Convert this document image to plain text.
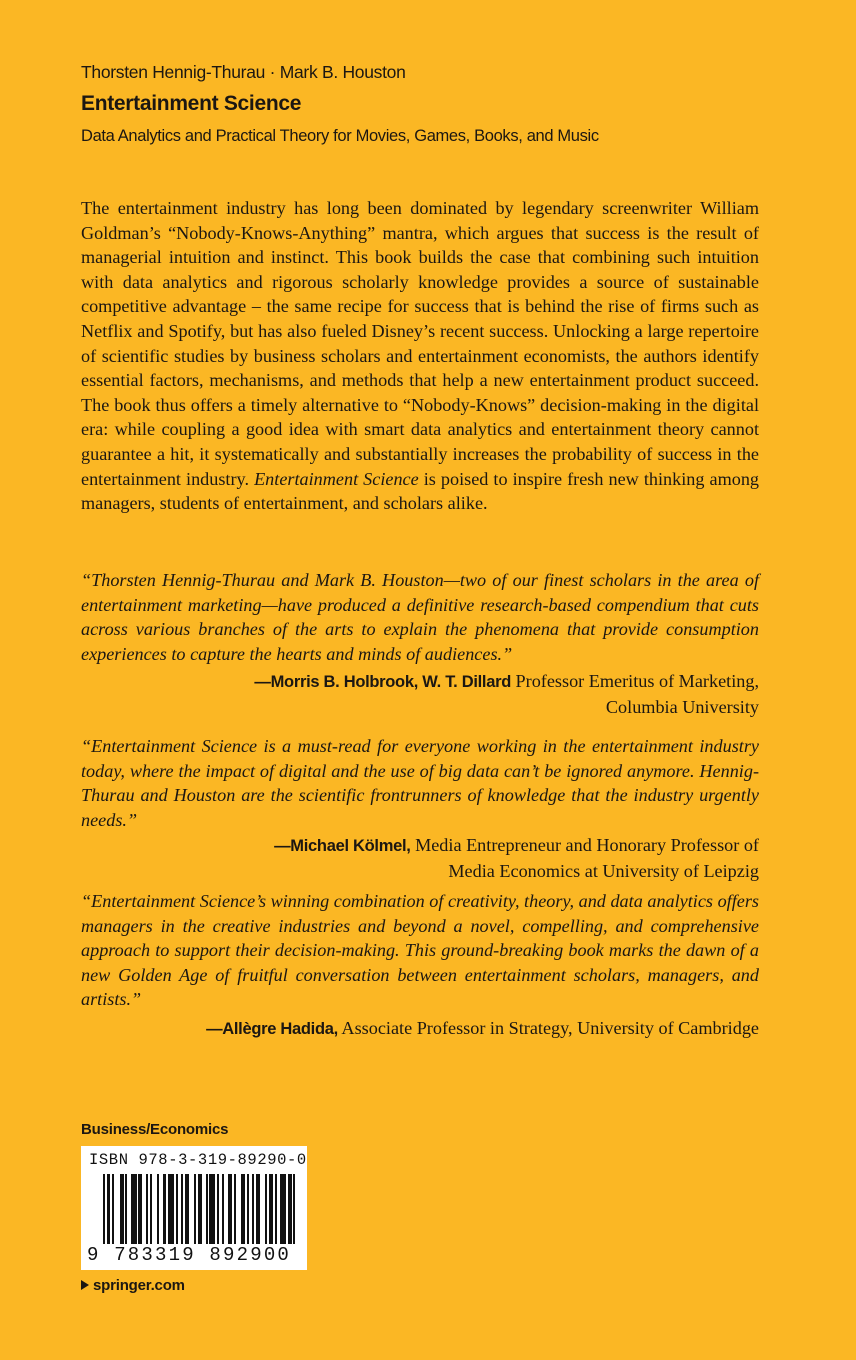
Thorsten Hennig-Thurau · Mark B. Houston
Entertainment Science
Data Analytics and Practical Theory for Movies, Games, Books, and Music

The entertainment industry has long been dominated by legendary screenwriter William Goldman’s “Nobody-Knows-Anything” mantra, which argues that success is the result of managerial intuition and instinct. This book builds the case that combining such intuition with data analytics and rigorous scholarly knowledge provides a source of sustainable competitive advantage – the same recipe for success that is behind the rise of firms such as Netflix and Spotify, but has also fueled Disney’s recent success. Unlocking a large repertoire of scientific studies by business scholars and entertainment economists, the authors identify essential factors, mechanisms, and methods that help a new entertainment product succeed. The book thus offers a timely alternative to “Nobody-Knows” decision-making in the digital era: while coupling a good idea with smart data analytics and entertainment theory cannot guarantee a hit, it systematically and substantially increases the probability of success in the entertainment industry. Entertainment Science is poised to inspire fresh new thinking among managers, students of entertainment, and scholars alike.

“Thorsten Hennig-Thurau and Mark B. Houston—two of our finest scholars in the area of entertainment marketing—have produced a definitive research-based compendium that cuts across various branches of the arts to explain the phenomena that provide consumption experiences to capture the hearts and minds of audiences.”

—Morris B. Holbrook, W. T. Dillard Professor Emeritus of Marketing,
Columbia University

“Entertainment Science is a must-read for everyone working in the entertainment industry today, where the impact of digital and the use of big data can’t be ignored anymore. Hennig-Thurau and Houston are the scientific frontrunners of knowledge that the industry urgently needs.”

—Michael Kölmel, Media Entrepreneur and Honorary Professor of
Media Economics at University of Leipzig

“Entertainment Science’s winning combination of creativity, theory, and data analytics offers managers in the creative industries and beyond a novel, compelling, and comprehensive approach to support their decision-making. This ground-breaking book marks the dawn of a new Golden Age of fruitful conversation between entertainment scholars, managers, and artists.”

—Allègre Hadida, Associate Professor in Strategy, University of Cambridge
Business/Economics
ISBN 978-3-319-89290-0
9 783319 892900
springer.com
